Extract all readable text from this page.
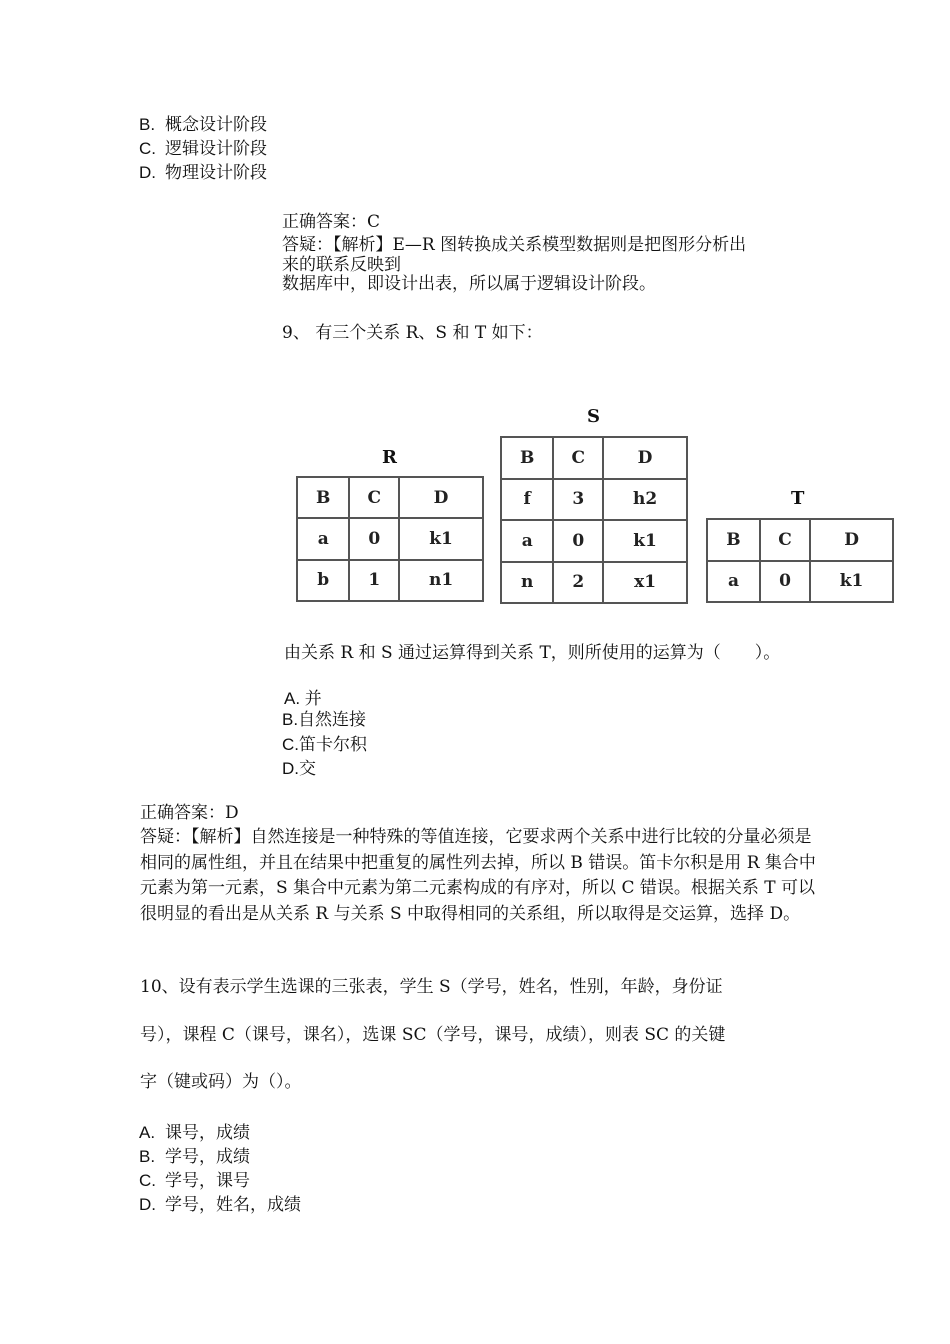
B. 概念设计阶段
C. 逻辑设计阶段
D. 物理设计阶段
正确答案：C
答疑：【解析】E—R 图转换成关系模型数据则是把图形分析出
来的联系反映到
数据库中，即设计出表，所以属于逻辑设计阶段。
9、 有三个关系 R、S 和 T 如下：
R
B	C	D
a	0	k1
b	1	n1
S
B	C	D
f	3	h2
a	0	k1
n	2	x1
T
B	C	D
a	0	k1
由关系 R 和 S 通过运算得到关系 T，则所使用的运算为（　　）。
A. 并
B.自然连接
C.笛卡尔积
D.交
正确答案：D
答疑：【解析】自然连接是一种特殊的等值连接，它要求两个关系中进行比较的分量必须是相同的属性组，并且在结果中把重复的属性列去掉，所以 B 错误。笛卡尔积是用 R 集合中元素为第一元素，S 集合中元素为第二元素构成的有序对，所以 C 错误。根据关系 T 可以很明显的看出是从关系 R 与关系 S 中取得相同的关系组，所以取得是交运算，选择 D。
10、设有表示学生选课的三张表，学生 S（学号，姓名，性别，年龄，身份证
号），课程 C（课号，课名），选课 SC（学号，课号，成绩），则表 SC 的关键
字（键或码）为（）。
A. 课号，成绩
B. 学号，成绩
C. 学号，课号
D. 学号，姓名，成绩
